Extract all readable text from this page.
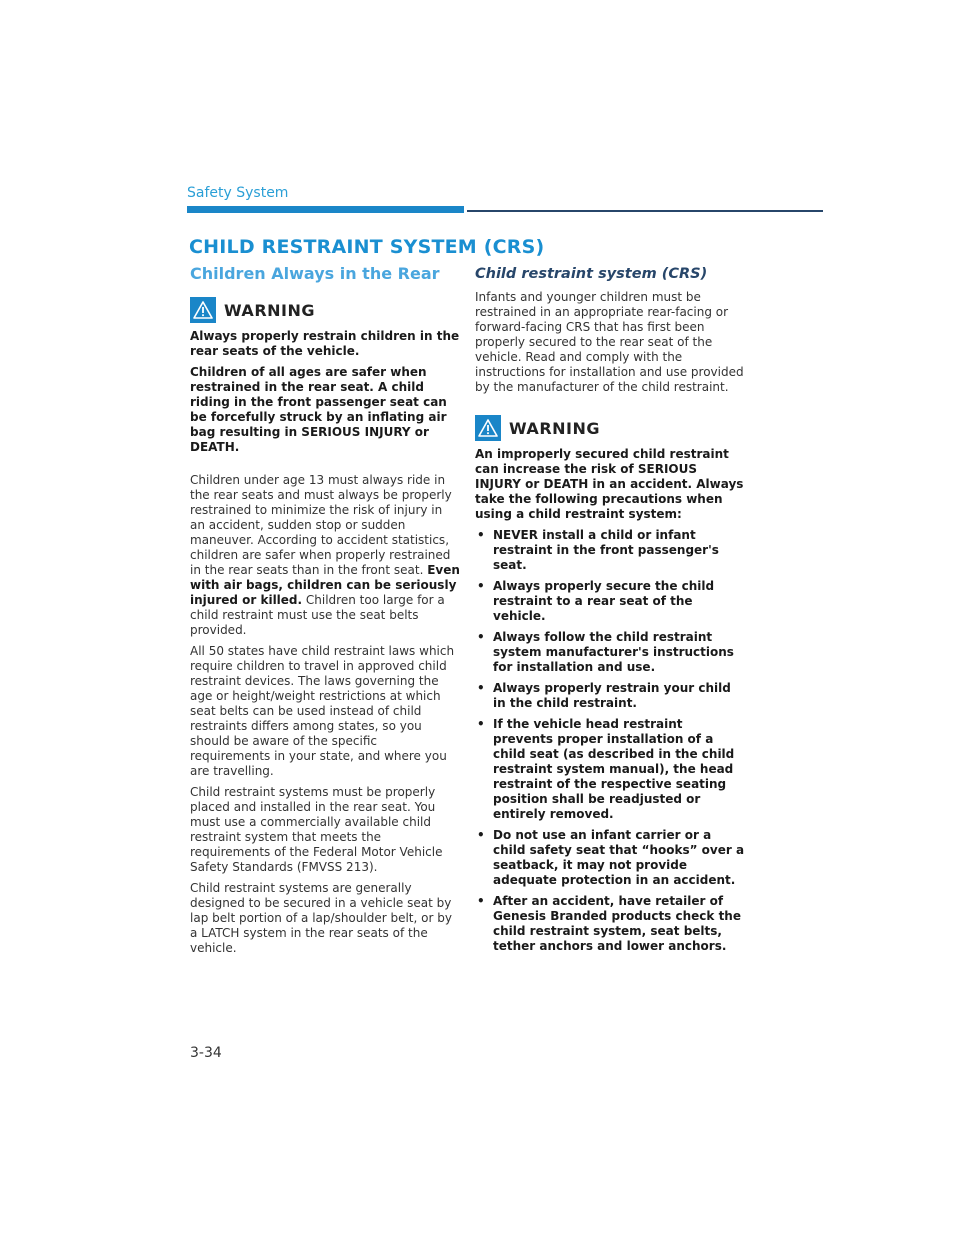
Safety System
CHILD RESTRAINT SYSTEM (CRS)
Children Always in the Rear
WARNING

Always properly restrain children in the rear seats of the vehicle.

Children of all ages are safer when restrained in the rear seat. A child riding in the front passenger seat can be forcefully struck by an inflating air bag resulting in SERIOUS INJURY or DEATH.

Children under age 13 must always ride in the rear seats and must always be properly restrained to minimize the risk of injury in an accident, sudden stop or sudden maneuver. According to accident statistics, children are safer when properly restrained in the rear seats than in the front seat. Even with air bags, children can be seriously injured or killed. Children too large for a child restraint must use the seat belts provided.

All 50 states have child restraint laws which require children to travel in approved child restraint devices. The laws governing the age or height/weight restrictions at which seat belts can be used instead of child restraints differs among states, so you should be aware of the specific requirements in your state, and where you are travelling.

Child restraint systems must be properly placed and installed in the rear seat. You must use a commercially available child restraint system that meets the requirements of the Federal Motor Vehicle Safety Standards (FMVSS 213).

Child restraint systems are generally designed to be secured in a vehicle seat by lap belt portion of a lap/shoulder belt, or by a LATCH system in the rear seats of the vehicle.

Child restraint system (CRS)

Infants and younger children must be restrained in an appropriate rear-facing or forward-facing CRS that has first been properly secured to the rear seat of the vehicle. Read and comply with the instructions for installation and use provided by the manufacturer of the child restraint.

WARNING

An improperly secured child restraint can increase the risk of SERIOUS INJURY or DEATH in an accident. Always take the following precautions when using a child restraint system:

• NEVER install a child or infant restraint in the front passenger's seat.
• Always properly secure the child restraint to a rear seat of the vehicle.
• Always follow the child restraint system manufacturer's instructions for installation and use.
• Always properly restrain your child in the child restraint.
• If the vehicle head restraint prevents proper installation of a child seat (as described in the child restraint system manual), the head restraint of the respective seating position shall be readjusted or entirely removed.
• Do not use an infant carrier or a child safety seat that “hooks” over a seatback, it may not provide adequate protection in an accident.
• After an accident, have retailer of Genesis Branded products check the child restraint system, seat belts, tether anchors and lower anchors.
3-34
